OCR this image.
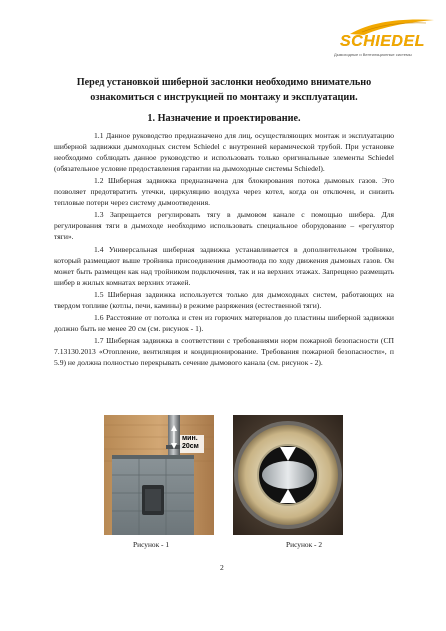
SCHIEDEL
Дымоходные и Вентиляционные системы
Перед установкой шиберной заслонки необходимо внимательно
ознакомиться с инструкцией по монтажу и эксплуатации.
1. Назначение и проектирование.

1.1 Данное руководство предназначено для лиц, осуществляющих монтаж и эксплуатацию шиберной задвижки дымоходных систем Schiedel с внутренней керамической трубой. При установке необходимо соблюдать данное руководство и использовать только оригинальные элементы Schiedel (обязательное условие предоставления гарантии на дымоходные системы Schiedel).

1.2 Шиберная задвижка предназначена для блокирования потока дымовых газов. Это позволяет предотвратить утечки, циркуляцию воздуха через котел, когда он отключен, и снизить тепловые потери через систему дымоотведения.

1.3 Запрещается регулировать тягу в дымовом канале с помощью шибера. Для регулирования тяги в дымоходе необходимо использовать специальное оборудование – «регулятор тяги».

1.4 Универсальная шиберная задвижка устанавливается в дополнительном тройнике, который размещают выше тройника присоединения дымоотвода по ходу движения дымовых газов. Он может быть размещен как над тройником подключения, так и на верхних этажах. Запрещено размещать шибер в жилых комнатах верхних этажей.

1.5 Шиберная задвижка используется только для дымоходных систем, работающих на твердом топливе (котлы, печи, камины) в режиме разряжения (естественной тяги).

1.6 Расстояние от потолка и стен из горючих материалов до пластины шиберной задвижки должно быть не менее 20 см (см. рисунок - 1).

1.7 Шиберная задвижка в соответствии с требованиями норм пожарной безопасности (СП 7.13130.2013 «Отопление, вентиляция и кондиционирование. Требования пожарной безопасности», п 5.9) не должна полностью перекрывать сечение дымового канала (см. рисунок - 2).

мин.
20см
Рисунок - 1	Рисунок - 2
2
